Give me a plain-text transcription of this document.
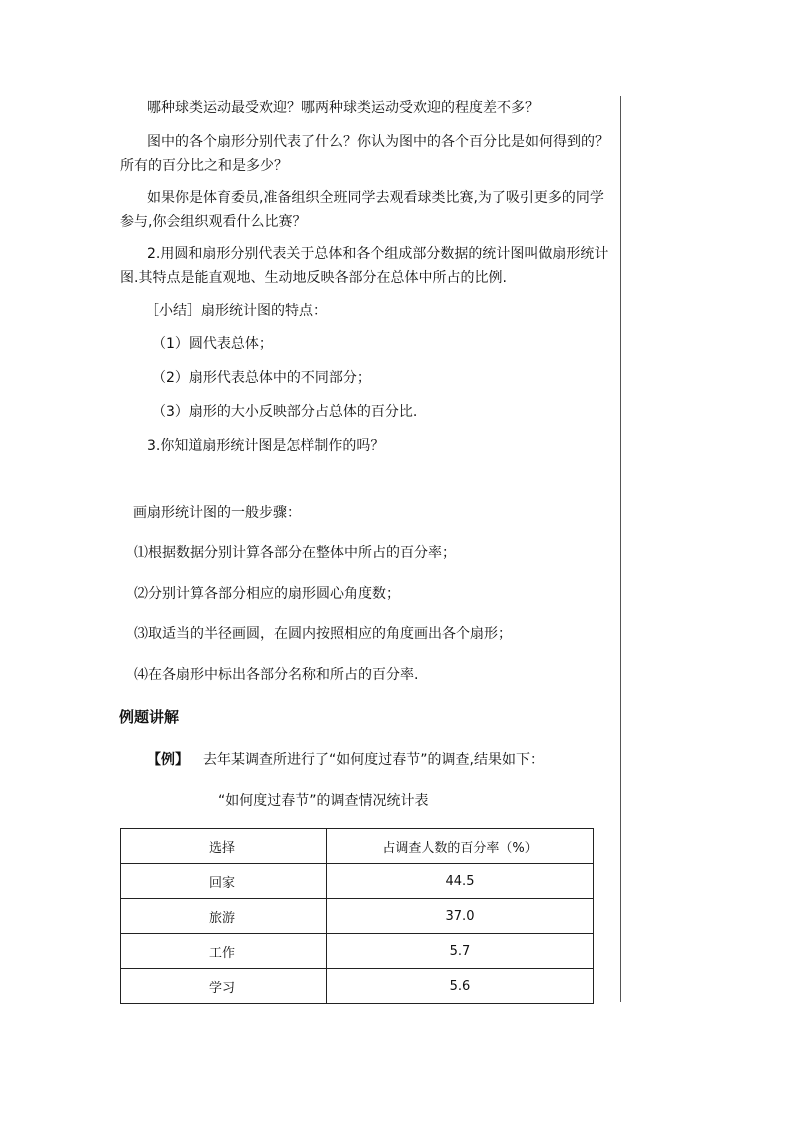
哪种球类运动最受欢迎？哪两种球类运动受欢迎的程度差不多？

图中的各个扇形分别代表了什么？你认为图中的各个百分比是如何得到的？

所有的百分比之和是多少？

如果你是体育委员,准备组织全班同学去观看球类比赛,为了吸引更多的同学

参与,你会组织观看什么比赛？

2.用圆和扇形分别代表关于总体和各个组成部分数据的统计图叫做扇形统计

图.其特点是能直观地、生动地反映各部分在总体中所占的比例.

［小结］扇形统计图的特点：

（1）圆代表总体；

（2）扇形代表总体中的不同部分；

（3）扇形的大小反映部分占总体的百分比.

3.你知道扇形统计图是怎样制作的吗？

画扇形统计图的一般步骤：

⑴根据数据分别计算各部分在整体中所占的百分率；

⑵分别计算各部分相应的扇形圆心角度数；

⑶取适当的半径画圆，在圆内按照相应的角度画出各个扇形；

⑷在各扇形中标出各部分名称和所占的百分率.

例题讲解

【例】 去年某调查所进行了“如何度过春节”的调查,结果如下：

“如何度过春节”的调查情况统计表

选择	占调查人数的百分率（%）
回家	44.5
旅游	37.0
工作	5.7
学习	5.6
